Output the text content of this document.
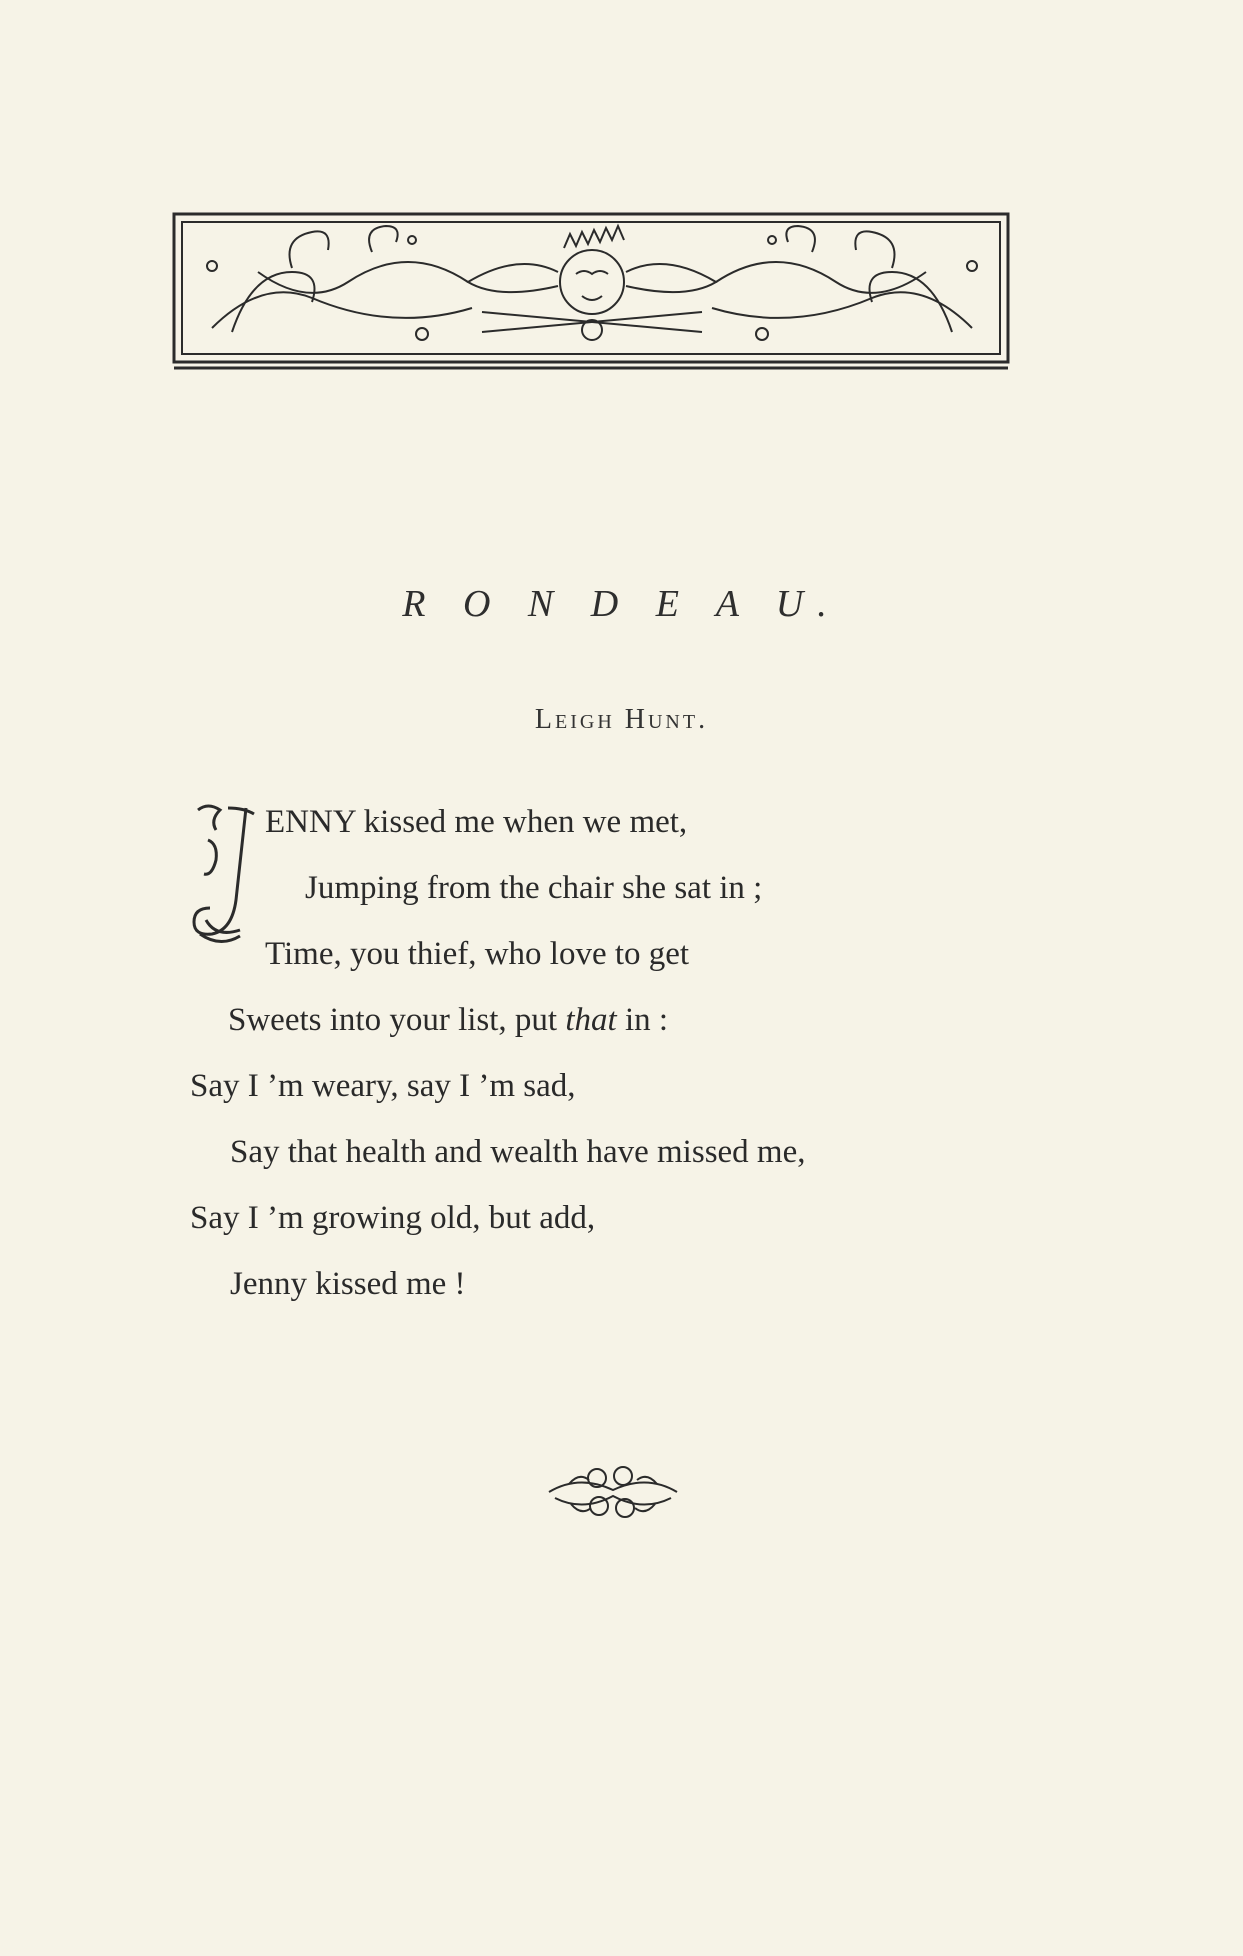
R O N D E A U.
Leigh Hunt.
J
ENNY kissed me when we met,
Jumping from the chair she sat in ;
Time, you thief, who love to get
Sweets into your list, put that in :
Say I ’m weary, say I ’m sad,
Say that health and wealth have missed me,
Say I ’m growing old, but add,
Jenny kissed me !
